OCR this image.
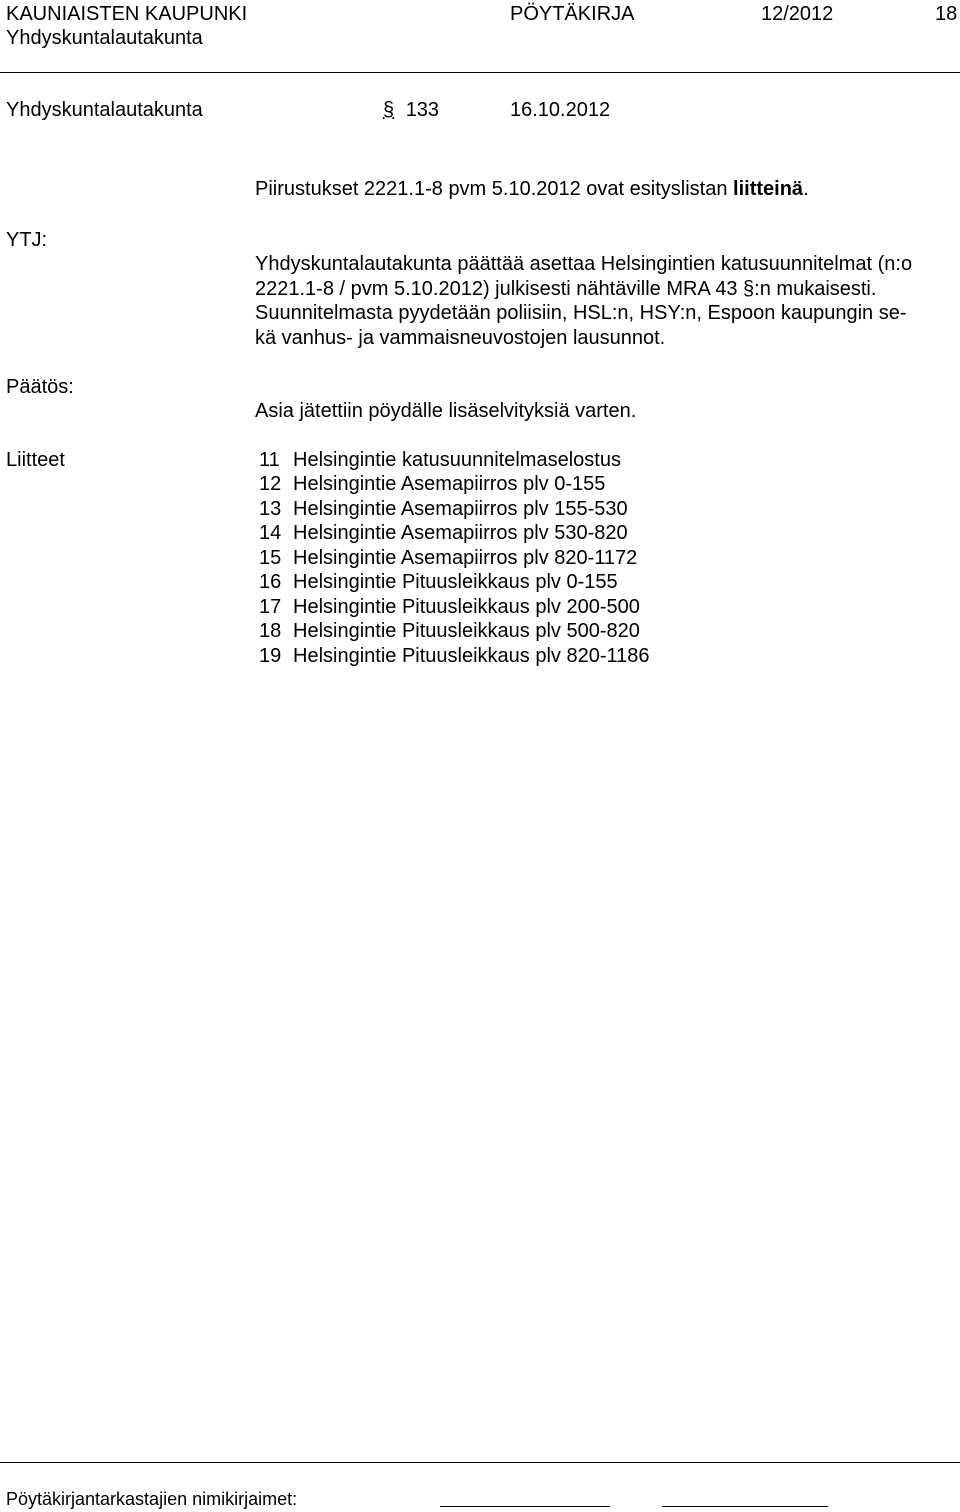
KAUNIAISTEN KAUPUNKI	PÖYTÄKIRJA	12/2012	18
Yhdyskuntalautakunta
Yhdyskuntalautakunta	§ 133	16.10.2012
Piirustukset 2221.1-8 pvm 5.10.2012 ovat esityslistan liitteinä.
YTJ:
Yhdyskuntalautakunta päättää asettaa Helsingintien katusuunnitelmat (n:o
2221.1-8 / pvm 5.10.2012) julkisesti nähtäville MRA 43 §:n mukaisesti.
Suunnitelmasta pyydetään poliisiin, HSL:n, HSY:n, Espoon kaupungin se-
kä vanhus- ja vammaisneuvostojen lausunnot.
Päätös:
Asia jätettiin pöydälle lisäselvityksiä varten.
Liitteet	11 Helsingintie katusuunnitelmaselostus
12 Helsingintie Asemapiirros plv 0-155
13 Helsingintie Asemapiirros plv 155-530
14 Helsingintie Asemapiirros plv 530-820
15 Helsingintie Asemapiirros plv 820-1172
16 Helsingintie Pituusleikkaus plv 0-155
17 Helsingintie Pituusleikkaus plv 200-500
18 Helsingintie Pituusleikkaus plv 500-820
19 Helsingintie Pituusleikkaus plv 820-1186
Pöytäkirjantarkastajien nimikirjaimet:
